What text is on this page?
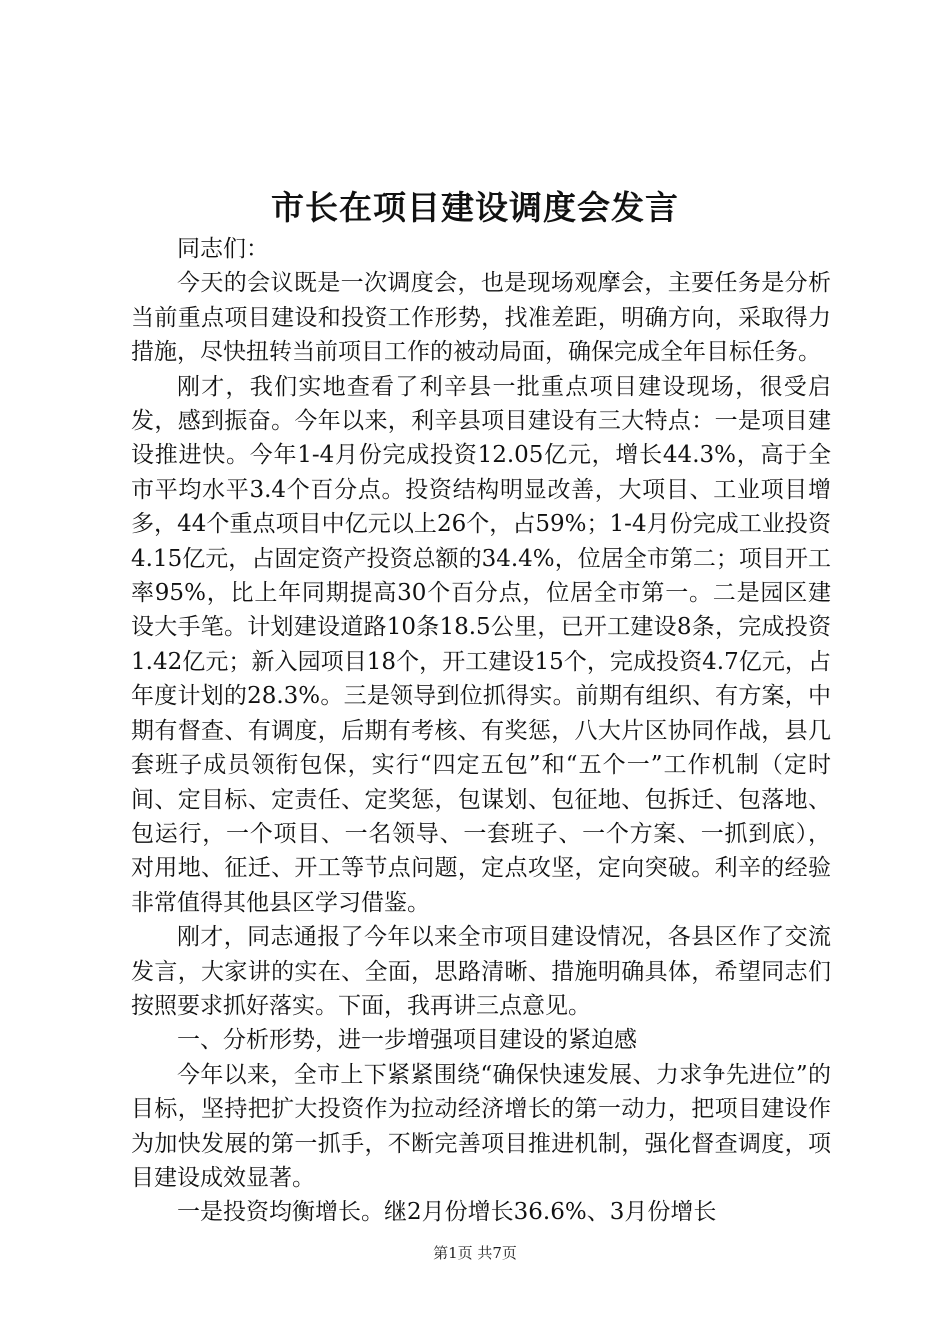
市长在项目建设调度会发言

同志们：

今天的会议既是一次调度会，也是现场观摩会，主要任务是分析当前重点项目建设和投资工作形势，找准差距，明确方向，采取得力措施，尽快扭转当前项目工作的被动局面，确保完成全年目标任务。

刚才，我们实地查看了利辛县一批重点项目建设现场，很受启发，感到振奋。今年以来，利辛县项目建设有三大特点：一是项目建设推进快。今年1-4月份完成投资12.05亿元，增长44.3%，高于全市平均水平3.4个百分点。投资结构明显改善，大项目、工业项目增多，44个重点项目中亿元以上26个，占59%；1-4月份完成工业投资4.15亿元，占固定资产投资总额的34.4%，位居全市第二；项目开工率95%，比上年同期提高30个百分点，位居全市第一。二是园区建设大手笔。计划建设道路10条18.5公里，已开工建设8条，完成投资1.42亿元；新入园项目18个，开工建设15个，完成投资4.7亿元，占年度计划的28.3%。三是领导到位抓得实。前期有组织、有方案，中期有督查、有调度，后期有考核、有奖惩，八大片区协同作战，县几套班子成员领衔包保，实行“四定五包”和“五个一”工作机制（定时间、定目标、定责任、定奖惩，包谋划、包征地、包拆迁、包落地、包运行，一个项目、一名领导、一套班子、一个方案、一抓到底），对用地、征迁、开工等节点问题，定点攻坚，定向突破。利辛的经验非常值得其他县区学习借鉴。

刚才，同志通报了今年以来全市项目建设情况，各县区作了交流发言，大家讲的实在、全面，思路清晰、措施明确具体，希望同志们按照要求抓好落实。下面，我再讲三点意见。

一、分析形势，进一步增强项目建设的紧迫感

今年以来，全市上下紧紧围绕“确保快速发展、力求争先进位”的目标，坚持把扩大投资作为拉动经济增长的第一动力，把项目建设作为加快发展的第一抓手，不断完善项目推进机制，强化督查调度，项目建设成效显著。

一是投资均衡增长。继2月份增长36.6%、3月份增长

第1页 共7页
